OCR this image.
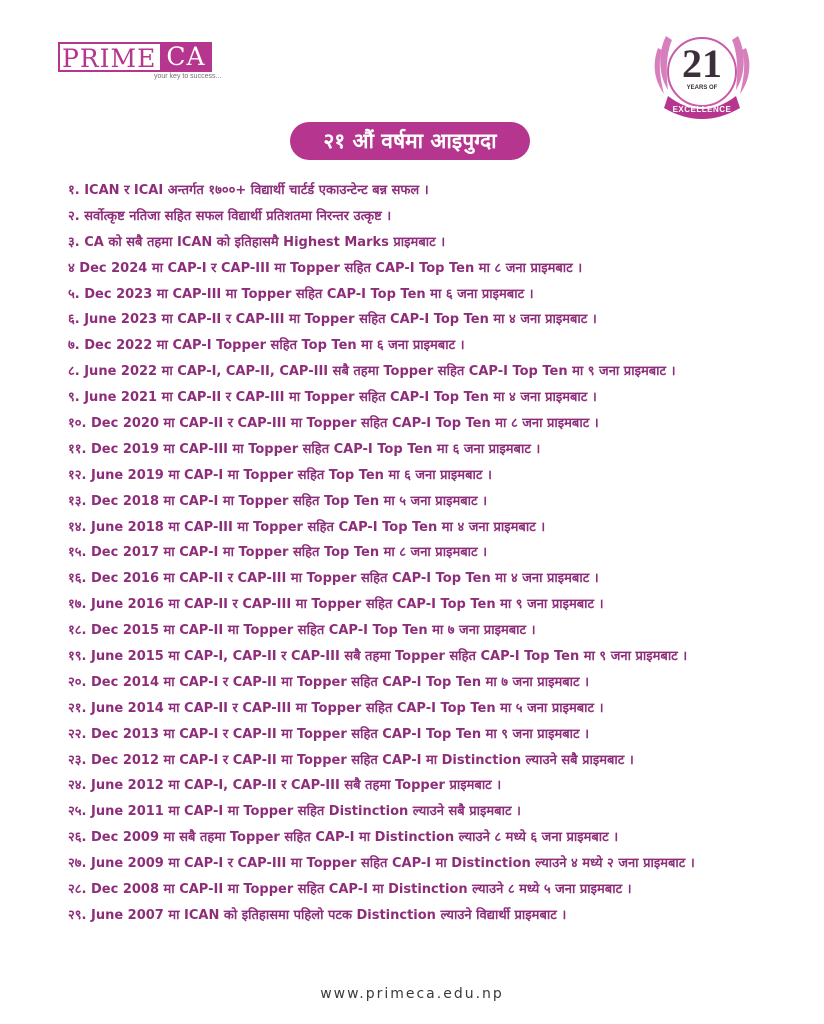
PRIME CA
your key to success...	21
YEARS OF
EXCELLENCE
२१ औं वर्षमा आइपुग्दा
१. ICAN र ICAI अन्तर्गत १७००+ विद्यार्थी चार्टर्ड एकाउन्टेन्ट बन्न सफल ।
२. सर्वोत्कृष्ट नतिजा सहित सफल विद्यार्थी प्रतिशतमा निरन्तर उत्कृष्ट ।
३. CA को सबै तहमा ICAN को इतिहासमै Highest Marks प्राइमबाट ।
४ Dec 2024 मा CAP-I र CAP-III मा Topper सहित CAP-I Top Ten मा ८ जना प्राइमबाट ।
५. Dec 2023 मा CAP-III मा Topper सहित CAP-I Top Ten मा ६ जना प्राइमबाट ।
६. June 2023 मा CAP-II र CAP-III मा Topper सहित CAP-I Top Ten मा ४ जना प्राइमबाट ।
७. Dec 2022 मा CAP-I Topper सहित Top Ten मा ६ जना प्राइमबाट ।
८. June 2022 मा CAP-I, CAP-II, CAP-III सबै तहमा Topper सहित CAP-I Top Ten मा ९ जना प्राइमबाट ।
९. June 2021 मा CAP-II र CAP-III मा Topper सहित CAP-I Top Ten मा ४ जना प्राइमबाट ।
१०. Dec 2020 मा CAP-II र CAP-III मा Topper सहित CAP-I Top Ten मा ८ जना प्राइमबाट ।
११. Dec 2019 मा CAP-III मा Topper सहित CAP-I Top Ten मा ६ जना प्राइमबाट ।
१२. June 2019 मा CAP-I मा Topper सहित Top Ten मा ६ जना प्राइमबाट ।
१३. Dec 2018 मा CAP-I मा Topper सहित Top Ten मा ५ जना प्राइमबाट ।
१४. June 2018 मा CAP-III मा Topper सहित CAP-I Top Ten मा ४ जना प्राइमबाट ।
१५. Dec 2017 मा CAP-I मा Topper सहित Top Ten मा ८ जना प्राइमबाट ।
१६. Dec 2016 मा CAP-II र CAP-III मा Topper सहित CAP-I Top Ten मा ४ जना प्राइमबाट ।
१७. June 2016 मा CAP-II र CAP-III मा Topper सहित CAP-I Top Ten मा ९ जना प्राइमबाट ।
१८. Dec 2015 मा CAP-II मा Topper सहित CAP-I Top Ten मा ७ जना प्राइमबाट ।
१९. June 2015 मा CAP-I, CAP-II र CAP-III सबै तहमा Topper सहित CAP-I Top Ten मा ९ जना प्राइमबाट ।
२०. Dec 2014 मा CAP-I र CAP-II मा Topper सहित CAP-I Top Ten मा ७ जना प्राइमबाट ।
२१. June 2014 मा CAP-II र CAP-III मा Topper सहित CAP-I Top Ten मा ५ जना प्राइमबाट ।
२२. Dec 2013 मा CAP-I र CAP-II मा Topper सहित CAP-I Top Ten मा ९ जना प्राइमबाट ।
२३. Dec 2012 मा CAP-I र CAP-II मा Topper सहित CAP-I मा Distinction ल्याउने सबै प्राइमबाट ।
२४. June 2012 मा CAP-I, CAP-II र CAP-III सबै तहमा Topper प्राइमबाट ।
२५. June 2011 मा CAP-I मा Topper सहित Distinction ल्याउने सबै प्राइमबाट ।
२६. Dec 2009 मा सबै तहमा Topper सहित CAP-I मा Distinction ल्याउने ८ मध्ये ६ जना प्राइमबाट ।
२७. June 2009 मा CAP-I र CAP-III मा Topper सहित CAP-I मा Distinction ल्याउने ४ मध्ये २ जना प्राइमबाट ।
२८. Dec 2008 मा CAP-II मा Topper सहित CAP-I मा Distinction ल्याउने ८ मध्ये ५ जना प्राइमबाट ।
२९. June 2007 मा ICAN को इतिहासमा पहिलो पटक Distinction ल्याउने विद्यार्थी प्राइमबाट ।
www.primeca.edu.np
